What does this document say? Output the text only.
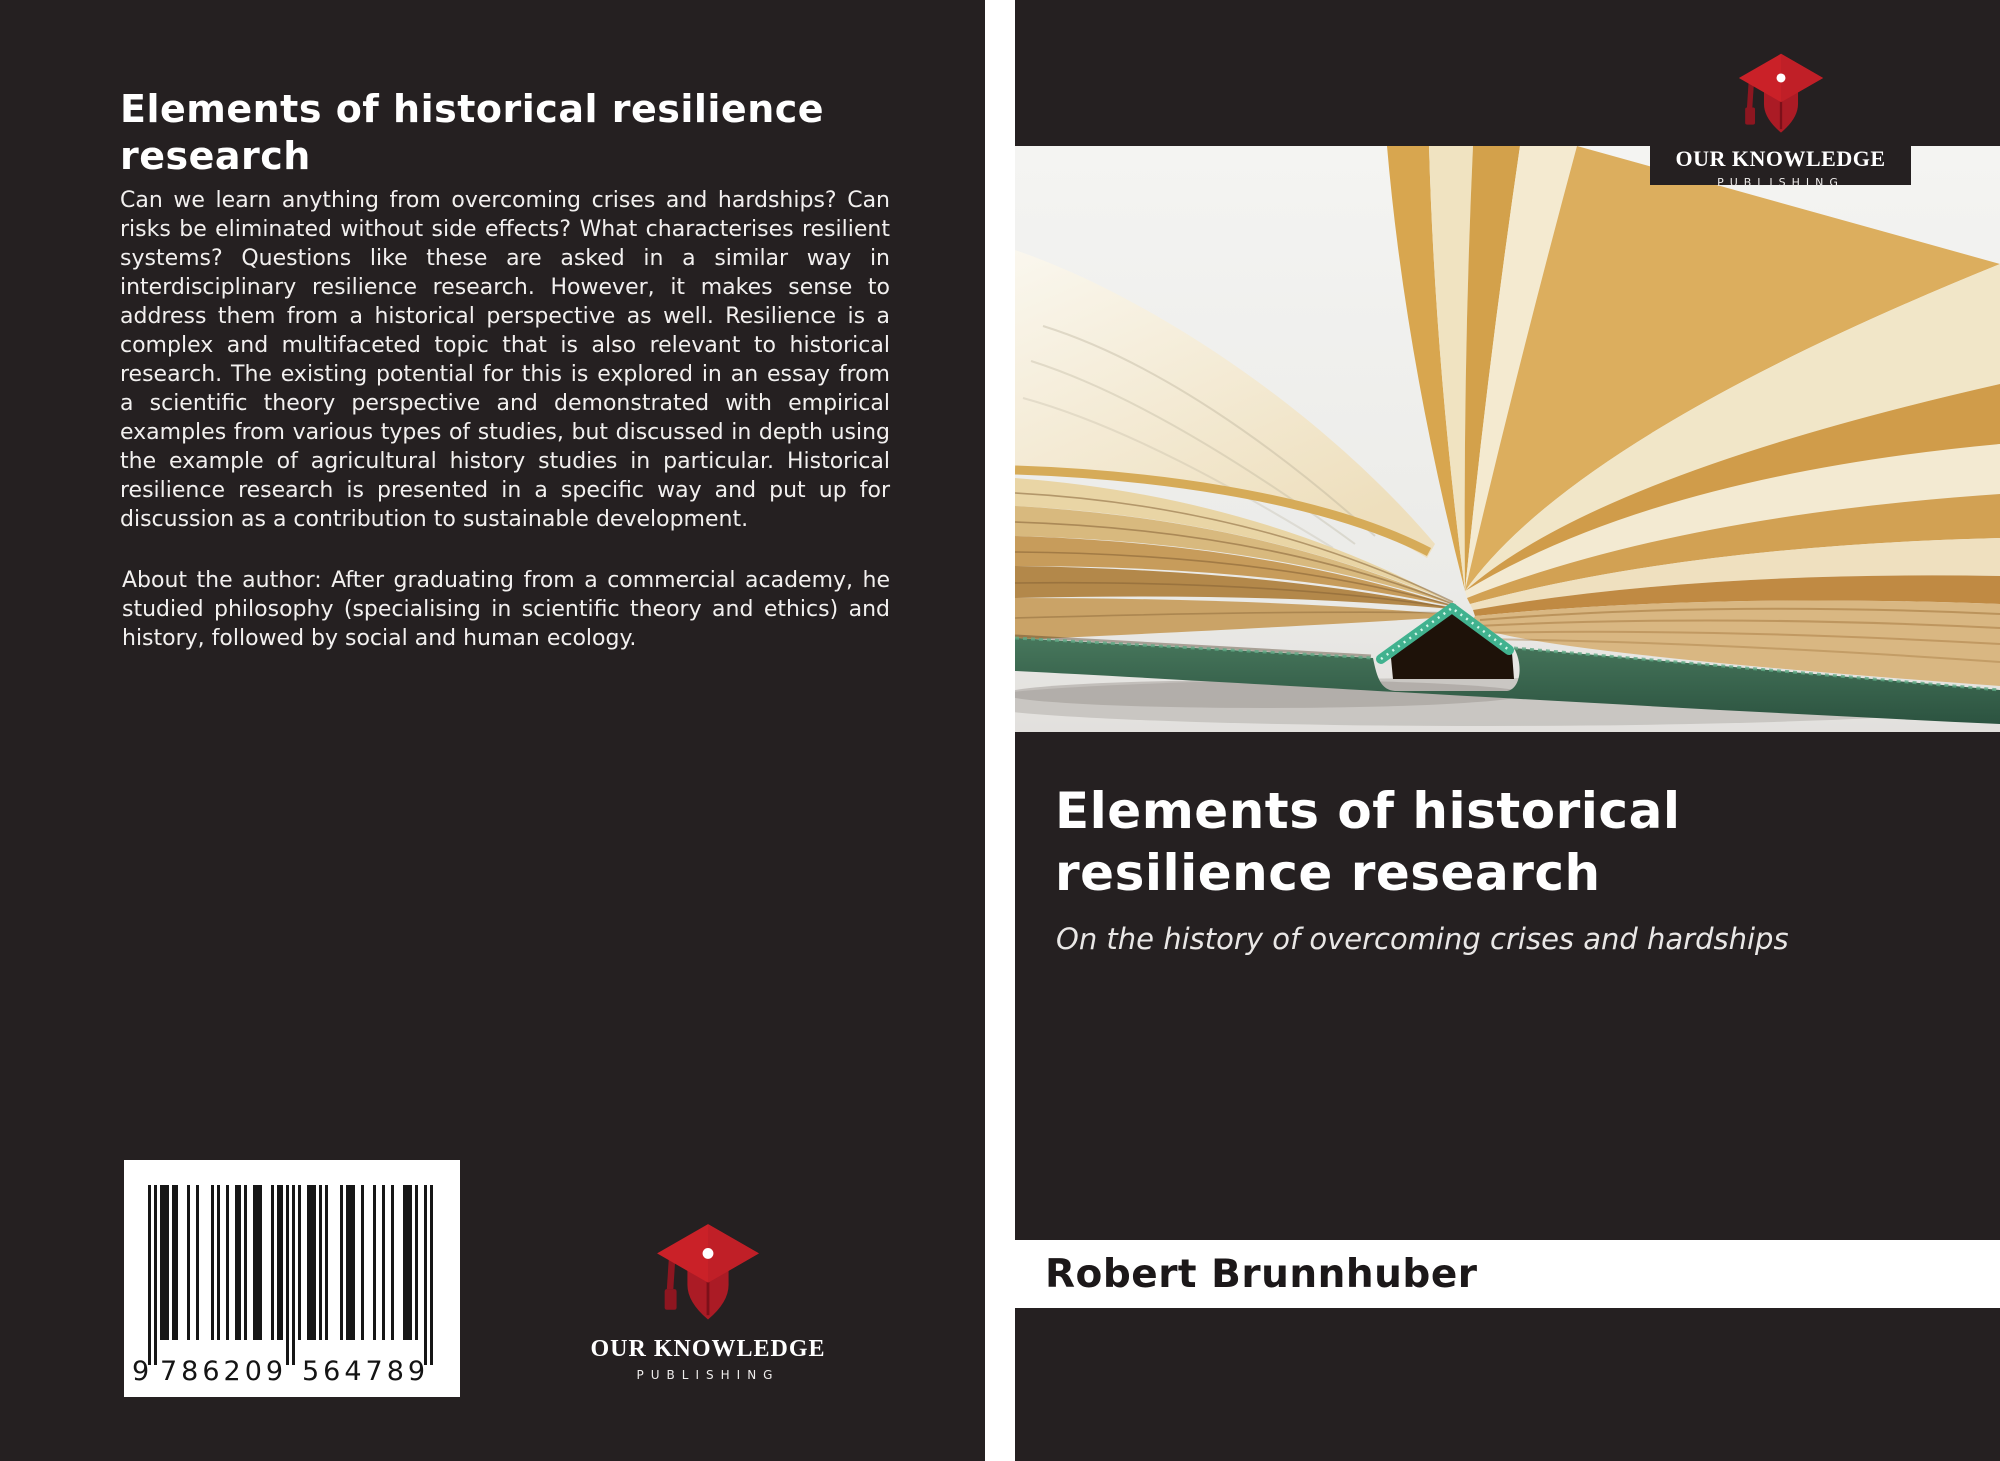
Elements of historical resilience
research
Can we learn anything from overcoming crises and hardships? Can risks be eliminated without side effects? What characterises resilient systems? Questions like these are asked in a similar way in interdisciplinary resilience research. However, it makes sense to address them from a historical perspective as well. Resilience is a complex and multifaceted topic that is also relevant to historical research. The existing potential for this is explored in an essay from a scientific theory perspective and demonstrated with empirical examples from various types of studies, but discussed in depth using the example of agricultural history studies in particular. Historical resilience research is presented in a specific way and put up for discussion as a contribution to sustainable development.
About the author: After graduating from a commercial academy, he studied philosophy (specialising in scientific theory and ethics) and history, followed by social and human ecology.
9 786209 564789
OUR KNOWLEDGE
PUBLISHING
OUR KNOWLEDGE
PUBLISHING
Elements of historical
resilience research
On the history of overcoming crises and hardships
Robert Brunnhuber
